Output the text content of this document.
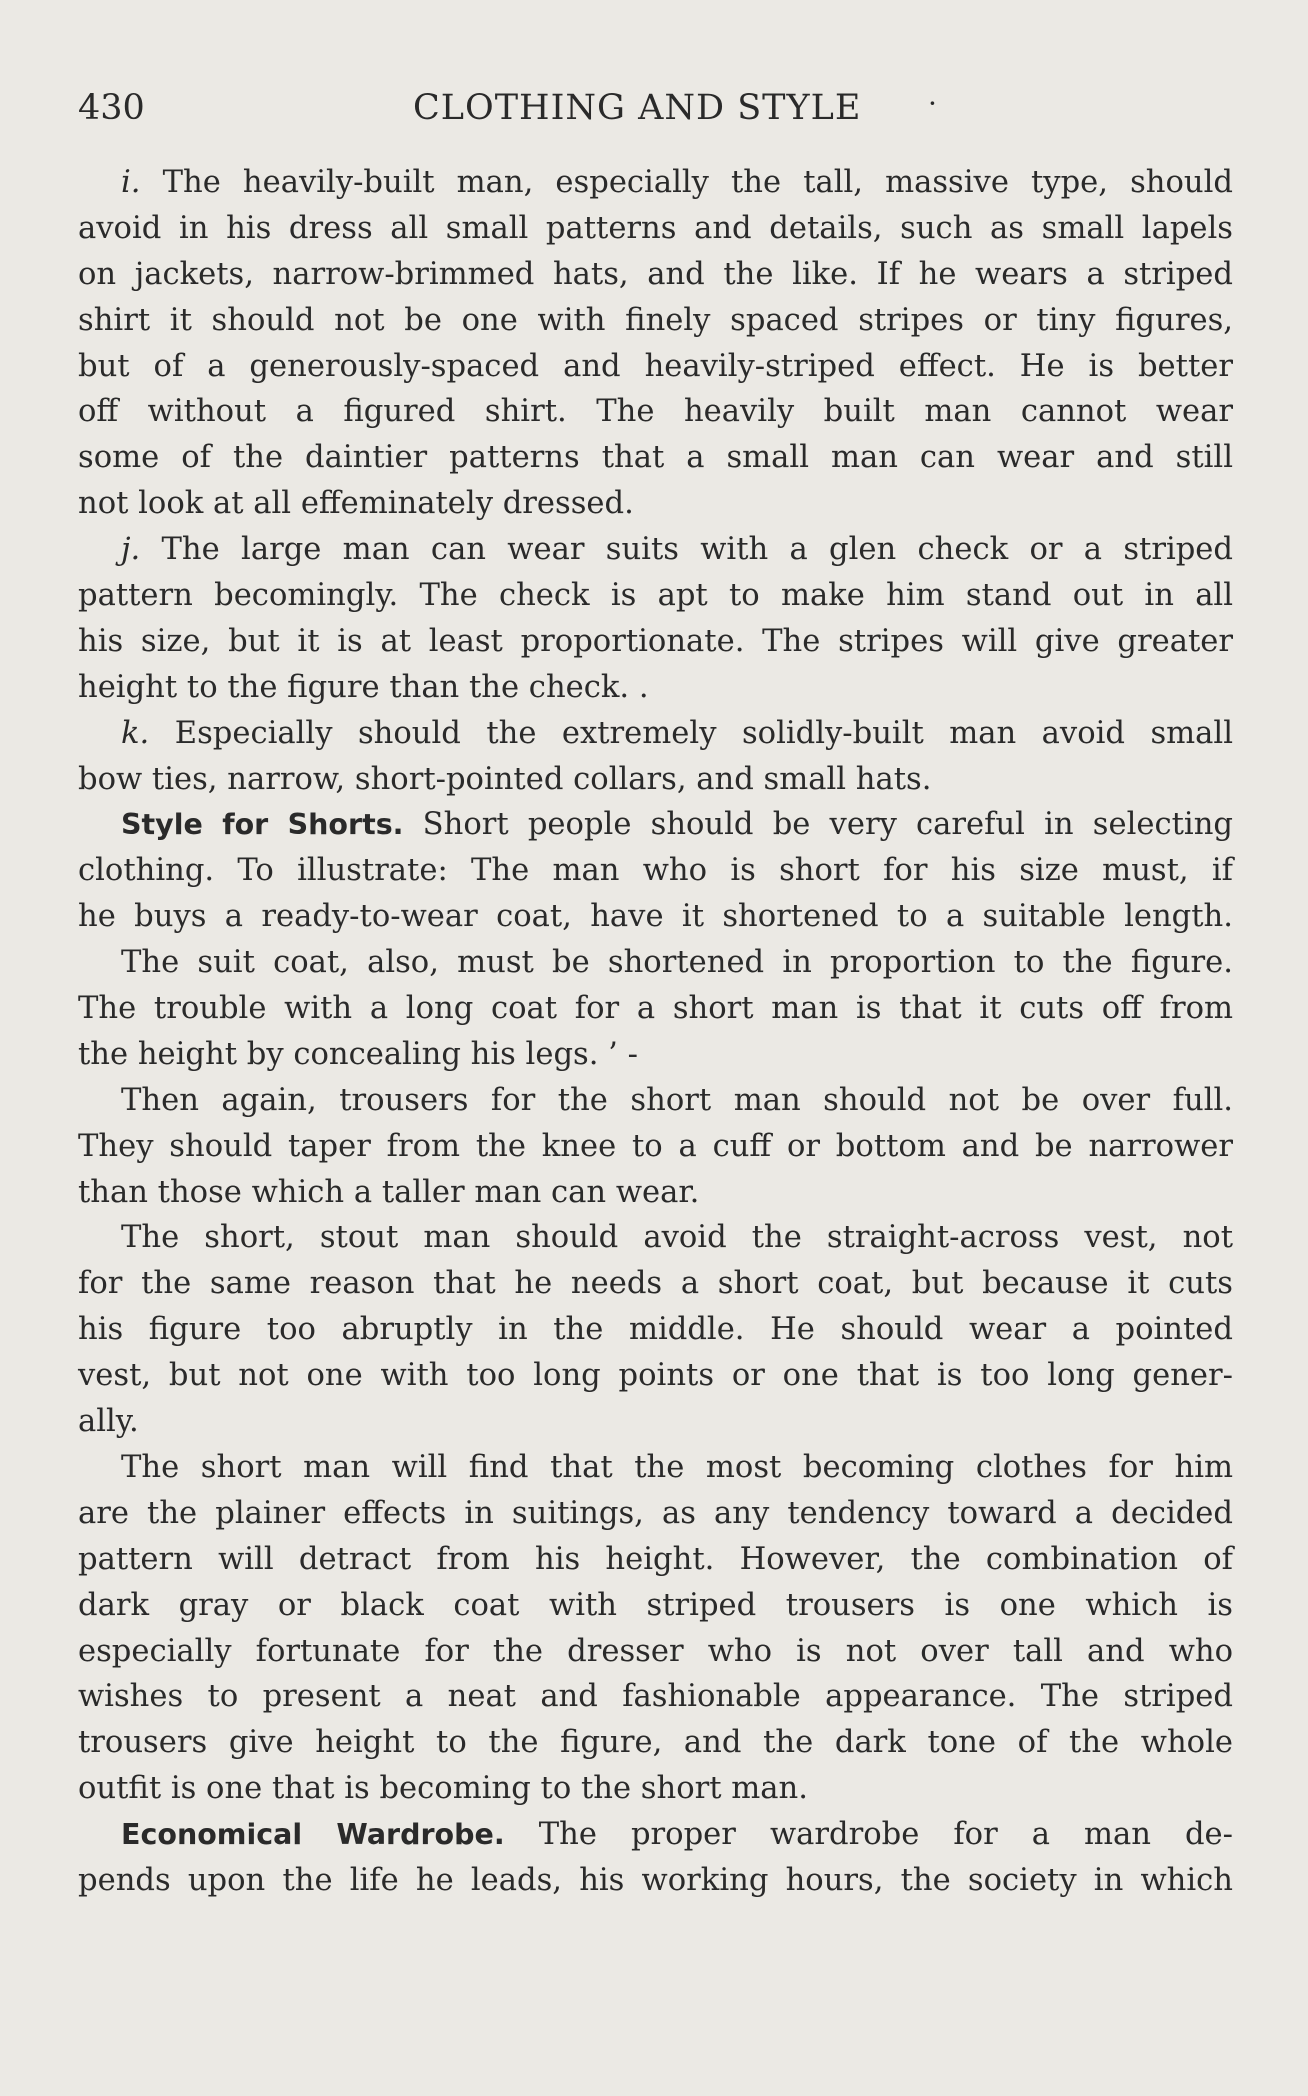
430	CLOTHING AND STYLE ·
i. The heavily-built man, especially the tall, massive type, should
avoid in his dress all small patterns and details, such as small lapels
on jackets, narrow-brimmed hats, and the like. If he wears a striped
shirt it should not be one with finely spaced stripes or tiny figures,
but of a generously-spaced and heavily-striped effect. He is better
off without a figured shirt. The heavily built man cannot wear
some of the daintier patterns that a small man can wear and still
not look at all effeminately dressed.
j. The large man can wear suits with a glen check or a striped
pattern becomingly. The check is apt to make him stand out in all
his size, but it is at least proportionate. The stripes will give greater
height to the figure than the check. .
k. Especially should the extremely solidly-built man avoid small
bow ties, narrow, short-pointed collars, and small hats.
Style for Shorts. Short people should be very careful in selecting
clothing. To illustrate: The man who is short for his size must, if
he buys a ready-to-wear coat, have it shortened to a suitable length.
The suit coat, also, must be shortened in proportion to the figure.
The trouble with a long coat for a short man is that it cuts off from
the height by concealing his legs. ’ ‑
Then again, trousers for the short man should not be over full.
They should taper from the knee to a cuff or bottom and be narrower
than those which a taller man can wear.
The short, stout man should avoid the straight-across vest, not
for the same reason that he needs a short coat, but because it cuts
his figure too abruptly in the middle. He should wear a pointed
vest, but not one with too long points or one that is too long gener-
ally.
The short man will find that the most becoming clothes for him
are the plainer effects in suitings, as any tendency toward a decided
pattern will detract from his height. However, the combination of
dark gray or black coat with striped trousers is one which is
especially fortunate for the dresser who is not over tall and who
wishes to present a neat and fashionable appearance. The striped
trousers give height to the figure, and the dark tone of the whole
outfit is one that is becoming to the short man.
Economical Wardrobe. The proper wardrobe for a man de-
pends upon the life he leads, his working hours, the society in which
